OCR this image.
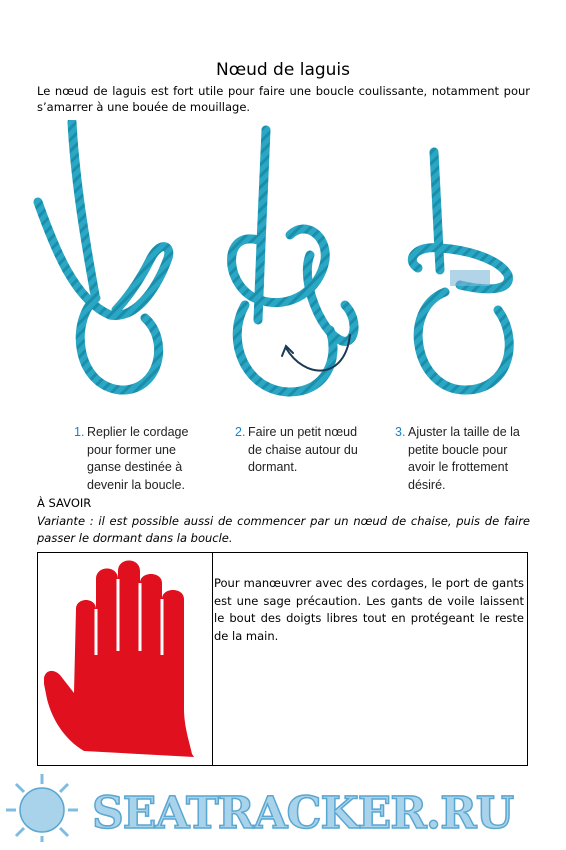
Nœud de laguis
Le nœud de laguis est fort utile pour faire une boucle coulissante, notamment pour s’amarrer à une bouée de mouillage.
1. Replier le cordage pour former une ganse destinée à devenir la boucle.
2. Faire un petit nœud de chaise autour du dormant.
3. Ajuster la taille de la petite boucle pour avoir le frottement désiré.
À SAVOIR
Variante : il est possible aussi de commencer par un nœud de chaise, puis de faire passer le dormant dans la boucle.
Pour manœuvrer avec des cordages, le port de gants est une sage précaution. Les gants de voile laissent le bout des doigts libres tout en protégeant le reste de la main.
SEATRACKER.RU
